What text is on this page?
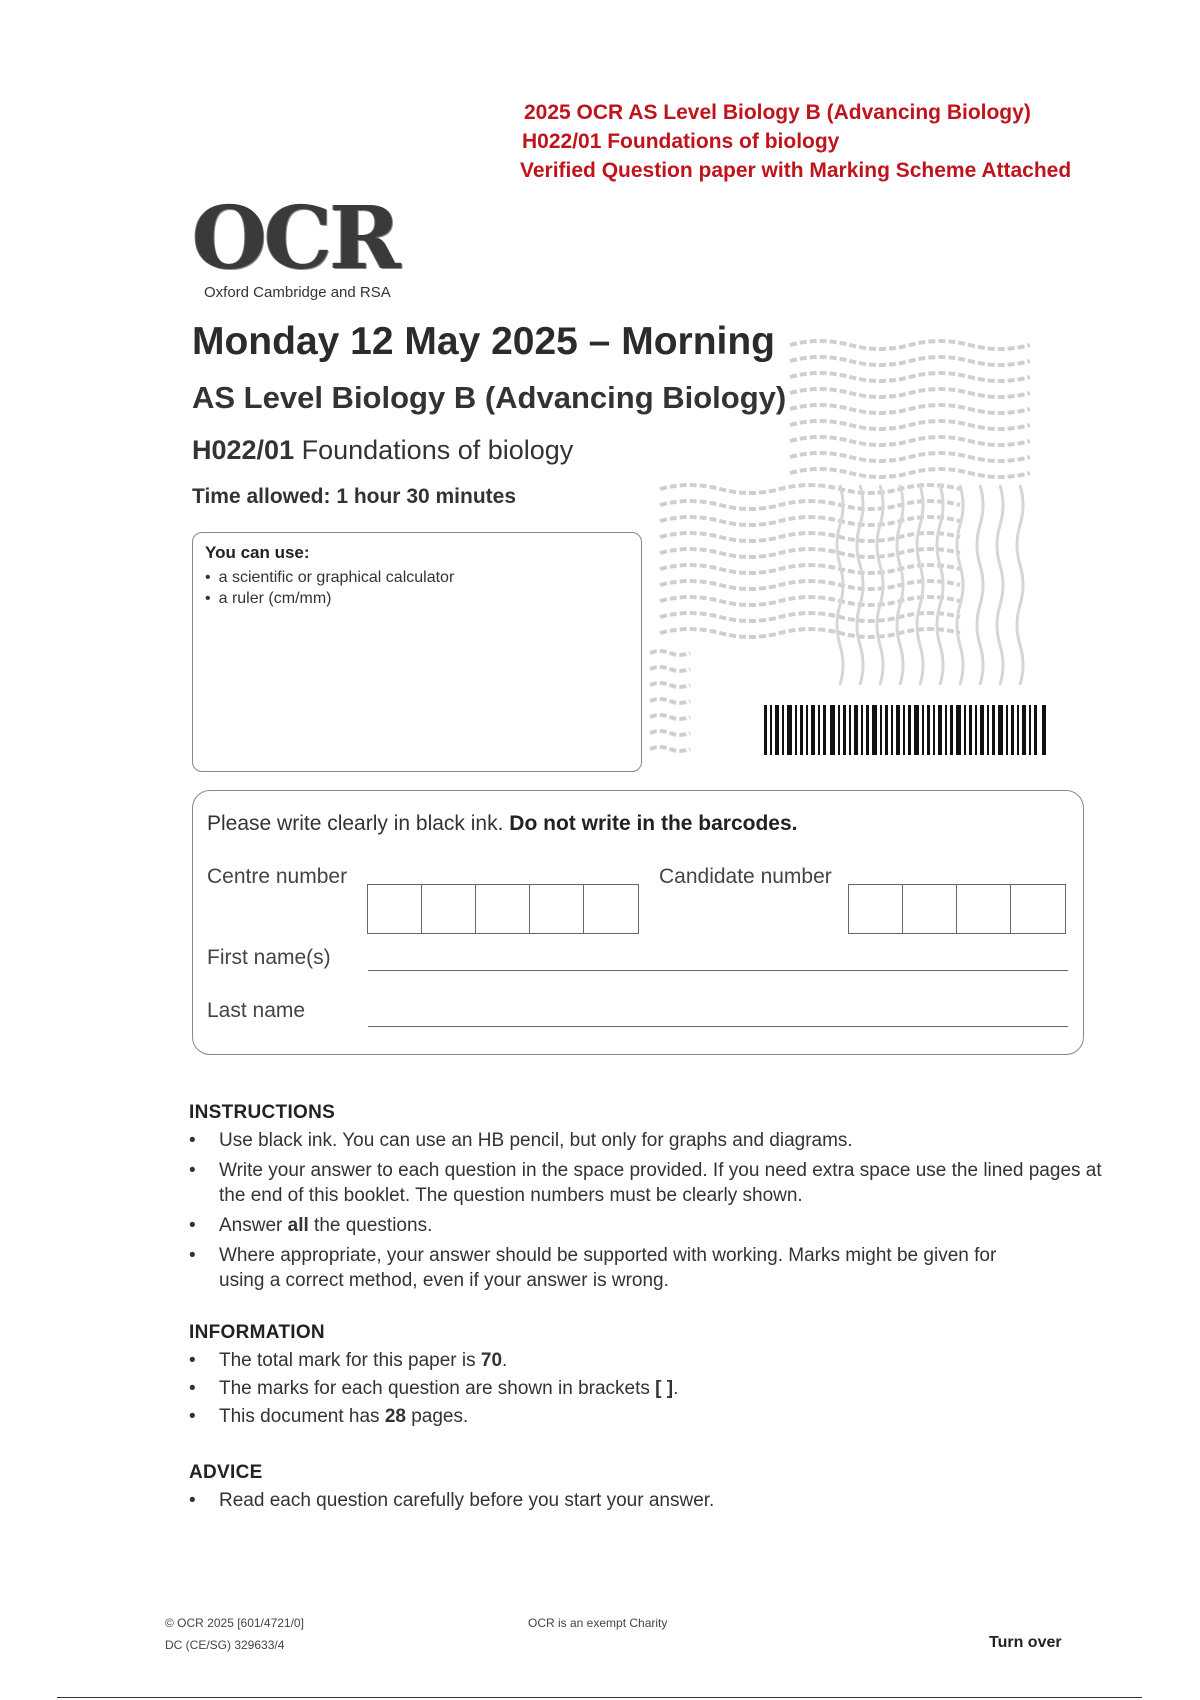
2025 OCR AS Level Biology B (Advancing Biology)
H022/01 Foundations of biology
Verified Question paper with Marking Scheme Attached
OCR
Oxford Cambridge and RSA
Monday 12 May 2025 – Morning
AS Level Biology B (Advancing Biology)
H022/01 Foundations of biology
Time allowed: 1 hour 30 minutes
You can use:
• a scientific or graphical calculator
• a ruler (cm/mm)
Please write clearly in black ink. Do not write in the barcodes.
Centre number	Candidate number
First name(s)
Last name
INSTRUCTIONS
• Use black ink. You can use an HB pencil, but only for graphs and diagrams.
• Write your answer to each question in the space provided. If you need extra space use the lined pages at the end of this booklet. The question numbers must be clearly shown.
• Answer all the questions.
• Where appropriate, your answer should be supported with working. Marks might be given for using a correct method, even if your answer is wrong.
INFORMATION
• The total mark for this paper is 70.
• The marks for each question are shown in brackets [ ].
• This document has 28 pages.
ADVICE
• Read each question carefully before you start your answer.
© OCR 2025 [601/4721/0]
DC (CE/SG) 329633/4
OCR is an exempt Charity
Turn over
